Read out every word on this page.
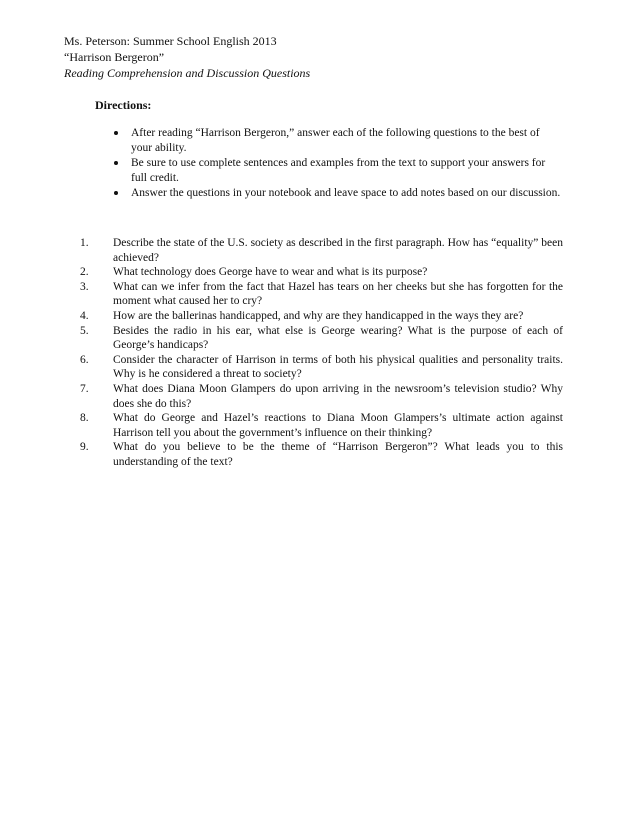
Ms. Peterson: Summer School English 2013
“Harrison Bergeron”
Reading Comprehension and Discussion Questions
Directions:
After reading “Harrison Bergeron,” answer each of the following questions to the best of your ability.
Be sure to use complete sentences and examples from the text to support your answers for full credit.
Answer the questions in your notebook and leave space to add notes based on our discussion.
1. Describe the state of the U.S. society as described in the first paragraph. How has “equality” been achieved?
2. What technology does George have to wear and what is its purpose?
3. What can we infer from the fact that Hazel has tears on her cheeks but she has forgotten for the moment what caused her to cry?
4. How are the ballerinas handicapped, and why are they handicapped in the ways they are?
5. Besides the radio in his ear, what else is George wearing? What is the purpose of each of George’s handicaps?
6. Consider the character of Harrison in terms of both his physical qualities and personality traits. Why is he considered a threat to society?
7. What does Diana Moon Glampers do upon arriving in the newsroom’s television studio? Why does she do this?
8. What do George and Hazel’s reactions to Diana Moon Glampers’s ultimate action against Harrison tell you about the government’s influence on their thinking?
9. What do you believe to be the theme of “Harrison Bergeron”? What leads you to this understanding of the text?
